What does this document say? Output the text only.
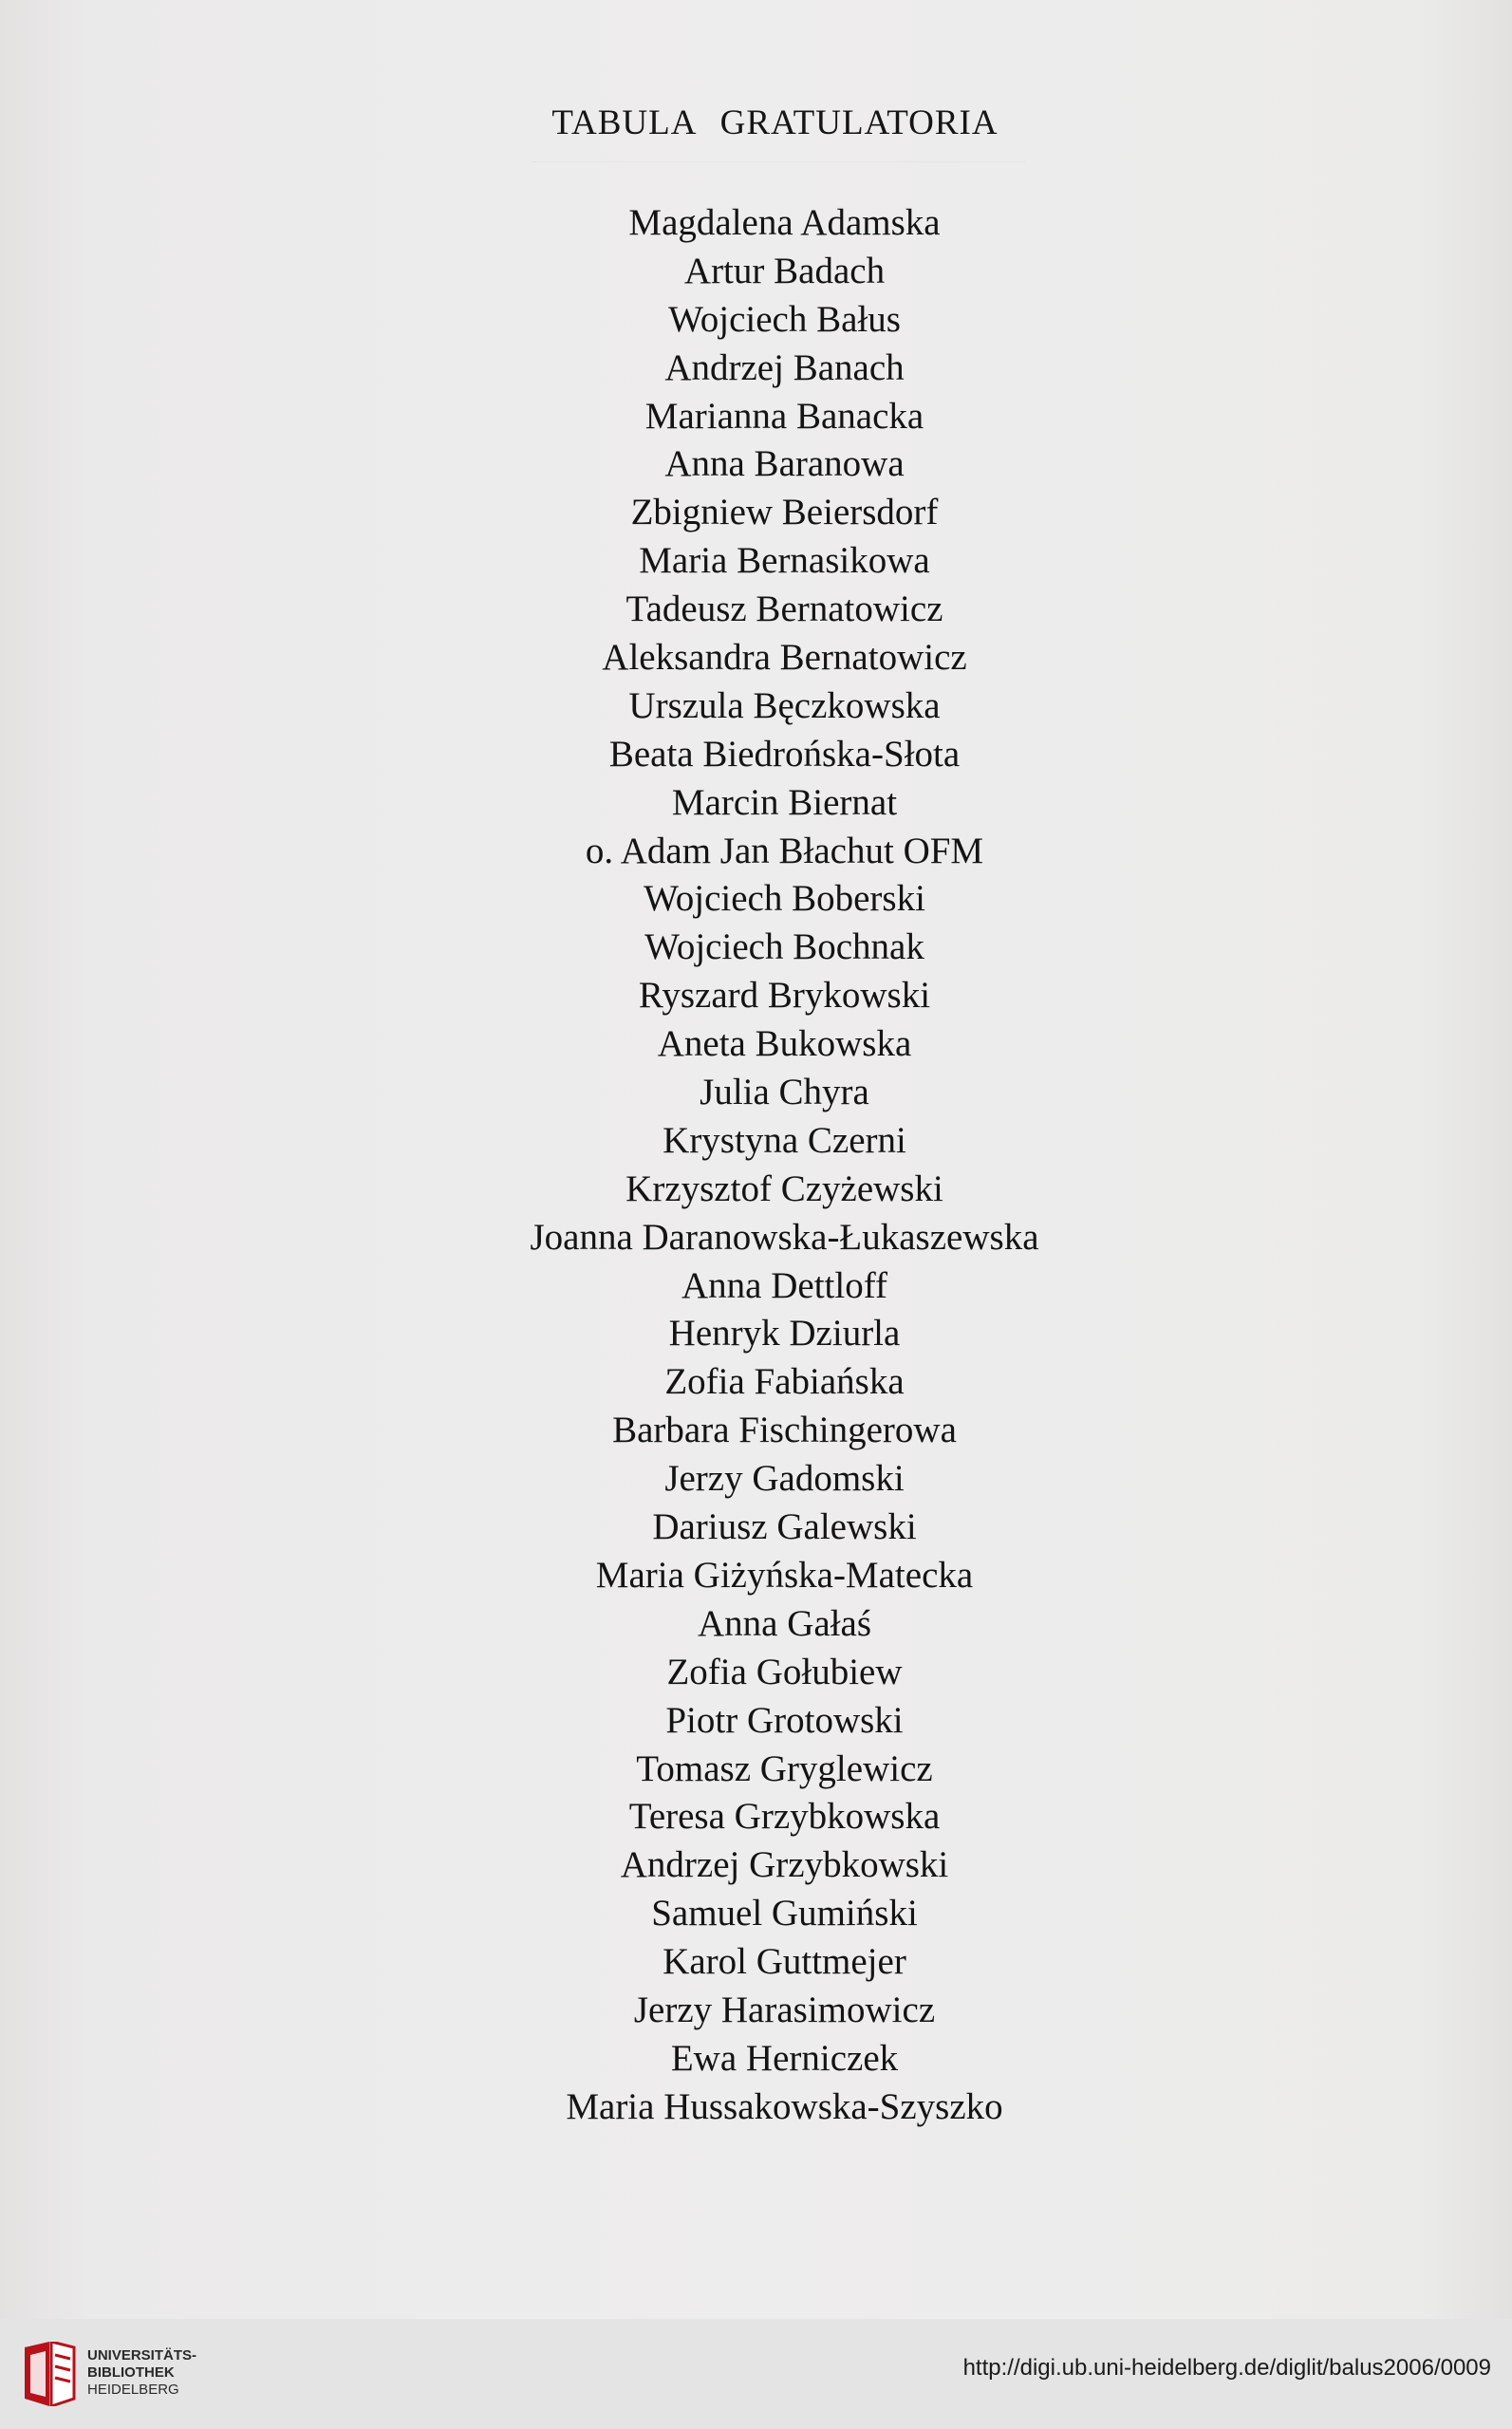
TABULA GRATULATORIA
Magdalena Adamska
Artur Badach
Wojciech Bałus
Andrzej Banach
Marianna Banacka
Anna Baranowa
Zbigniew Beiersdorf
Maria Bernasikowa
Tadeusz Bernatowicz
Aleksandra Bernatowicz
Urszula Bęczkowska
Beata Biedrońska-Słota
Marcin Biernat
o. Adam Jan Błachut OFM
Wojciech Boberski
Wojciech Bochnak
Ryszard Brykowski
Aneta Bukowska
Julia Chyra
Krystyna Czerni
Krzysztof Czyżewski
Joanna Daranowska-Łukaszewska
Anna Dettloff
Henryk Dziurla
Zofia Fabiańska
Barbara Fischingerowa
Jerzy Gadomski
Dariusz Galewski
Maria Giżyńska-Matecka
Anna Gałaś
Zofia Gołubiew
Piotr Grotowski
Tomasz Gryglewicz
Teresa Grzybkowska
Andrzej Grzybkowski
Samuel Gumiński
Karol Guttmejer
Jerzy Harasimowicz
Ewa Herniczek
Maria Hussakowska-Szyszko
UNIVERSITÄTS-
BIBLIOTHEK
HEIDELBERG
http://digi.ub.uni-heidelberg.de/diglit/balus2006/0009
